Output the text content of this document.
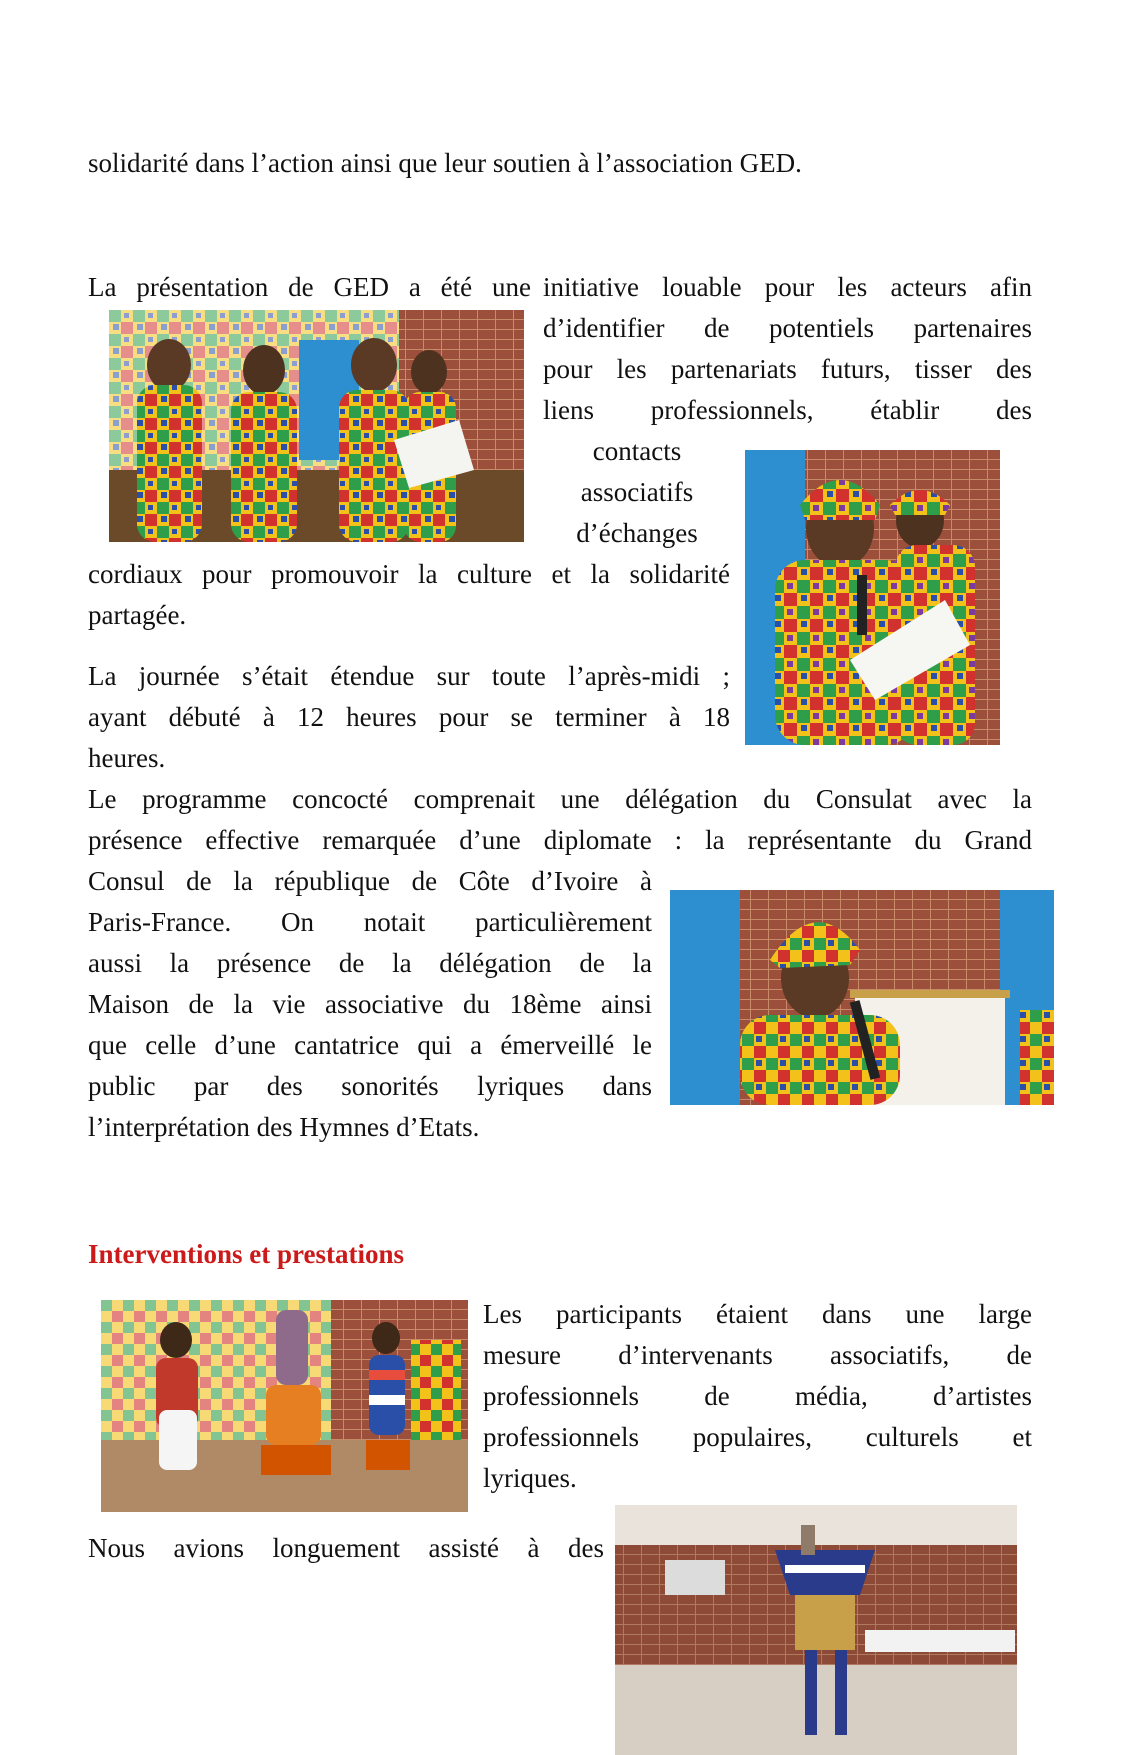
solidarité dans l’action ainsi que leur soutien à l’association GED.

La présentation de GED a été une initiative louable pour les acteurs afin

d’identifier de potentiels partenaires

pour les partenariats futurs, tisser des

liens professionnels, établir des

contacts

associatifs

d’échanges

cordiaux pour promouvoir la culture et la solidarité

partagée.

La journée s’était étendue sur toute l’après-midi ;

ayant débuté à 12 heures pour se terminer à 18

heures.

Le programme concocté comprenait une délégation du Consulat avec la

présence effective remarquée d’une diplomate : la représentante du Grand

Consul de la république de Côte d’Ivoire à

Paris-France. On notait particulièrement

aussi la présence de la délégation de la

Maison de la vie associative du 18ème ainsi

que celle d’une cantatrice qui a émerveillé le

public par des sonorités lyriques dans

l’interprétation des Hymnes d’Etats.

Interventions et prestations

Les participants étaient dans une large

mesure d’intervenants associatifs, de

professionnels de média, d’artistes

professionnels populaires, culturels et

lyriques.

Nous avions longuement assisté à des
